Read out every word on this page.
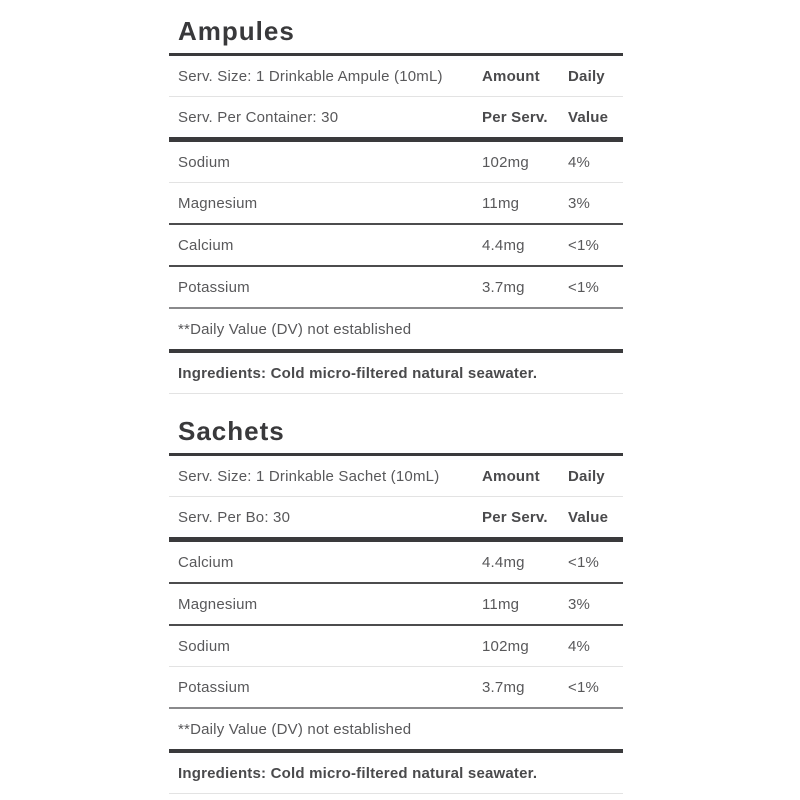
Ampules
Serv. Size: 1 Drinkable Ampule (10mL)	Amount	Daily
Serv. Per Container: 30	Per Serv.	Value
Sodium	102mg	4%
Magnesium	11mg	3%
Calcium	4.4mg	<1%
Potassium	3.7mg	<1%
**Daily Value (DV) not established
Ingredients: Cold micro-filtered natural seawater.
Sachets
Serv. Size: 1 Drinkable Sachet (10mL)	Amount	Daily
Serv. Per Bo: 30	Per Serv.	Value
Calcium	4.4mg	<1%
Magnesium	11mg	3%
Sodium	102mg	4%
Potassium	3.7mg	<1%
**Daily Value (DV) not established
Ingredients: Cold micro-filtered natural seawater.
